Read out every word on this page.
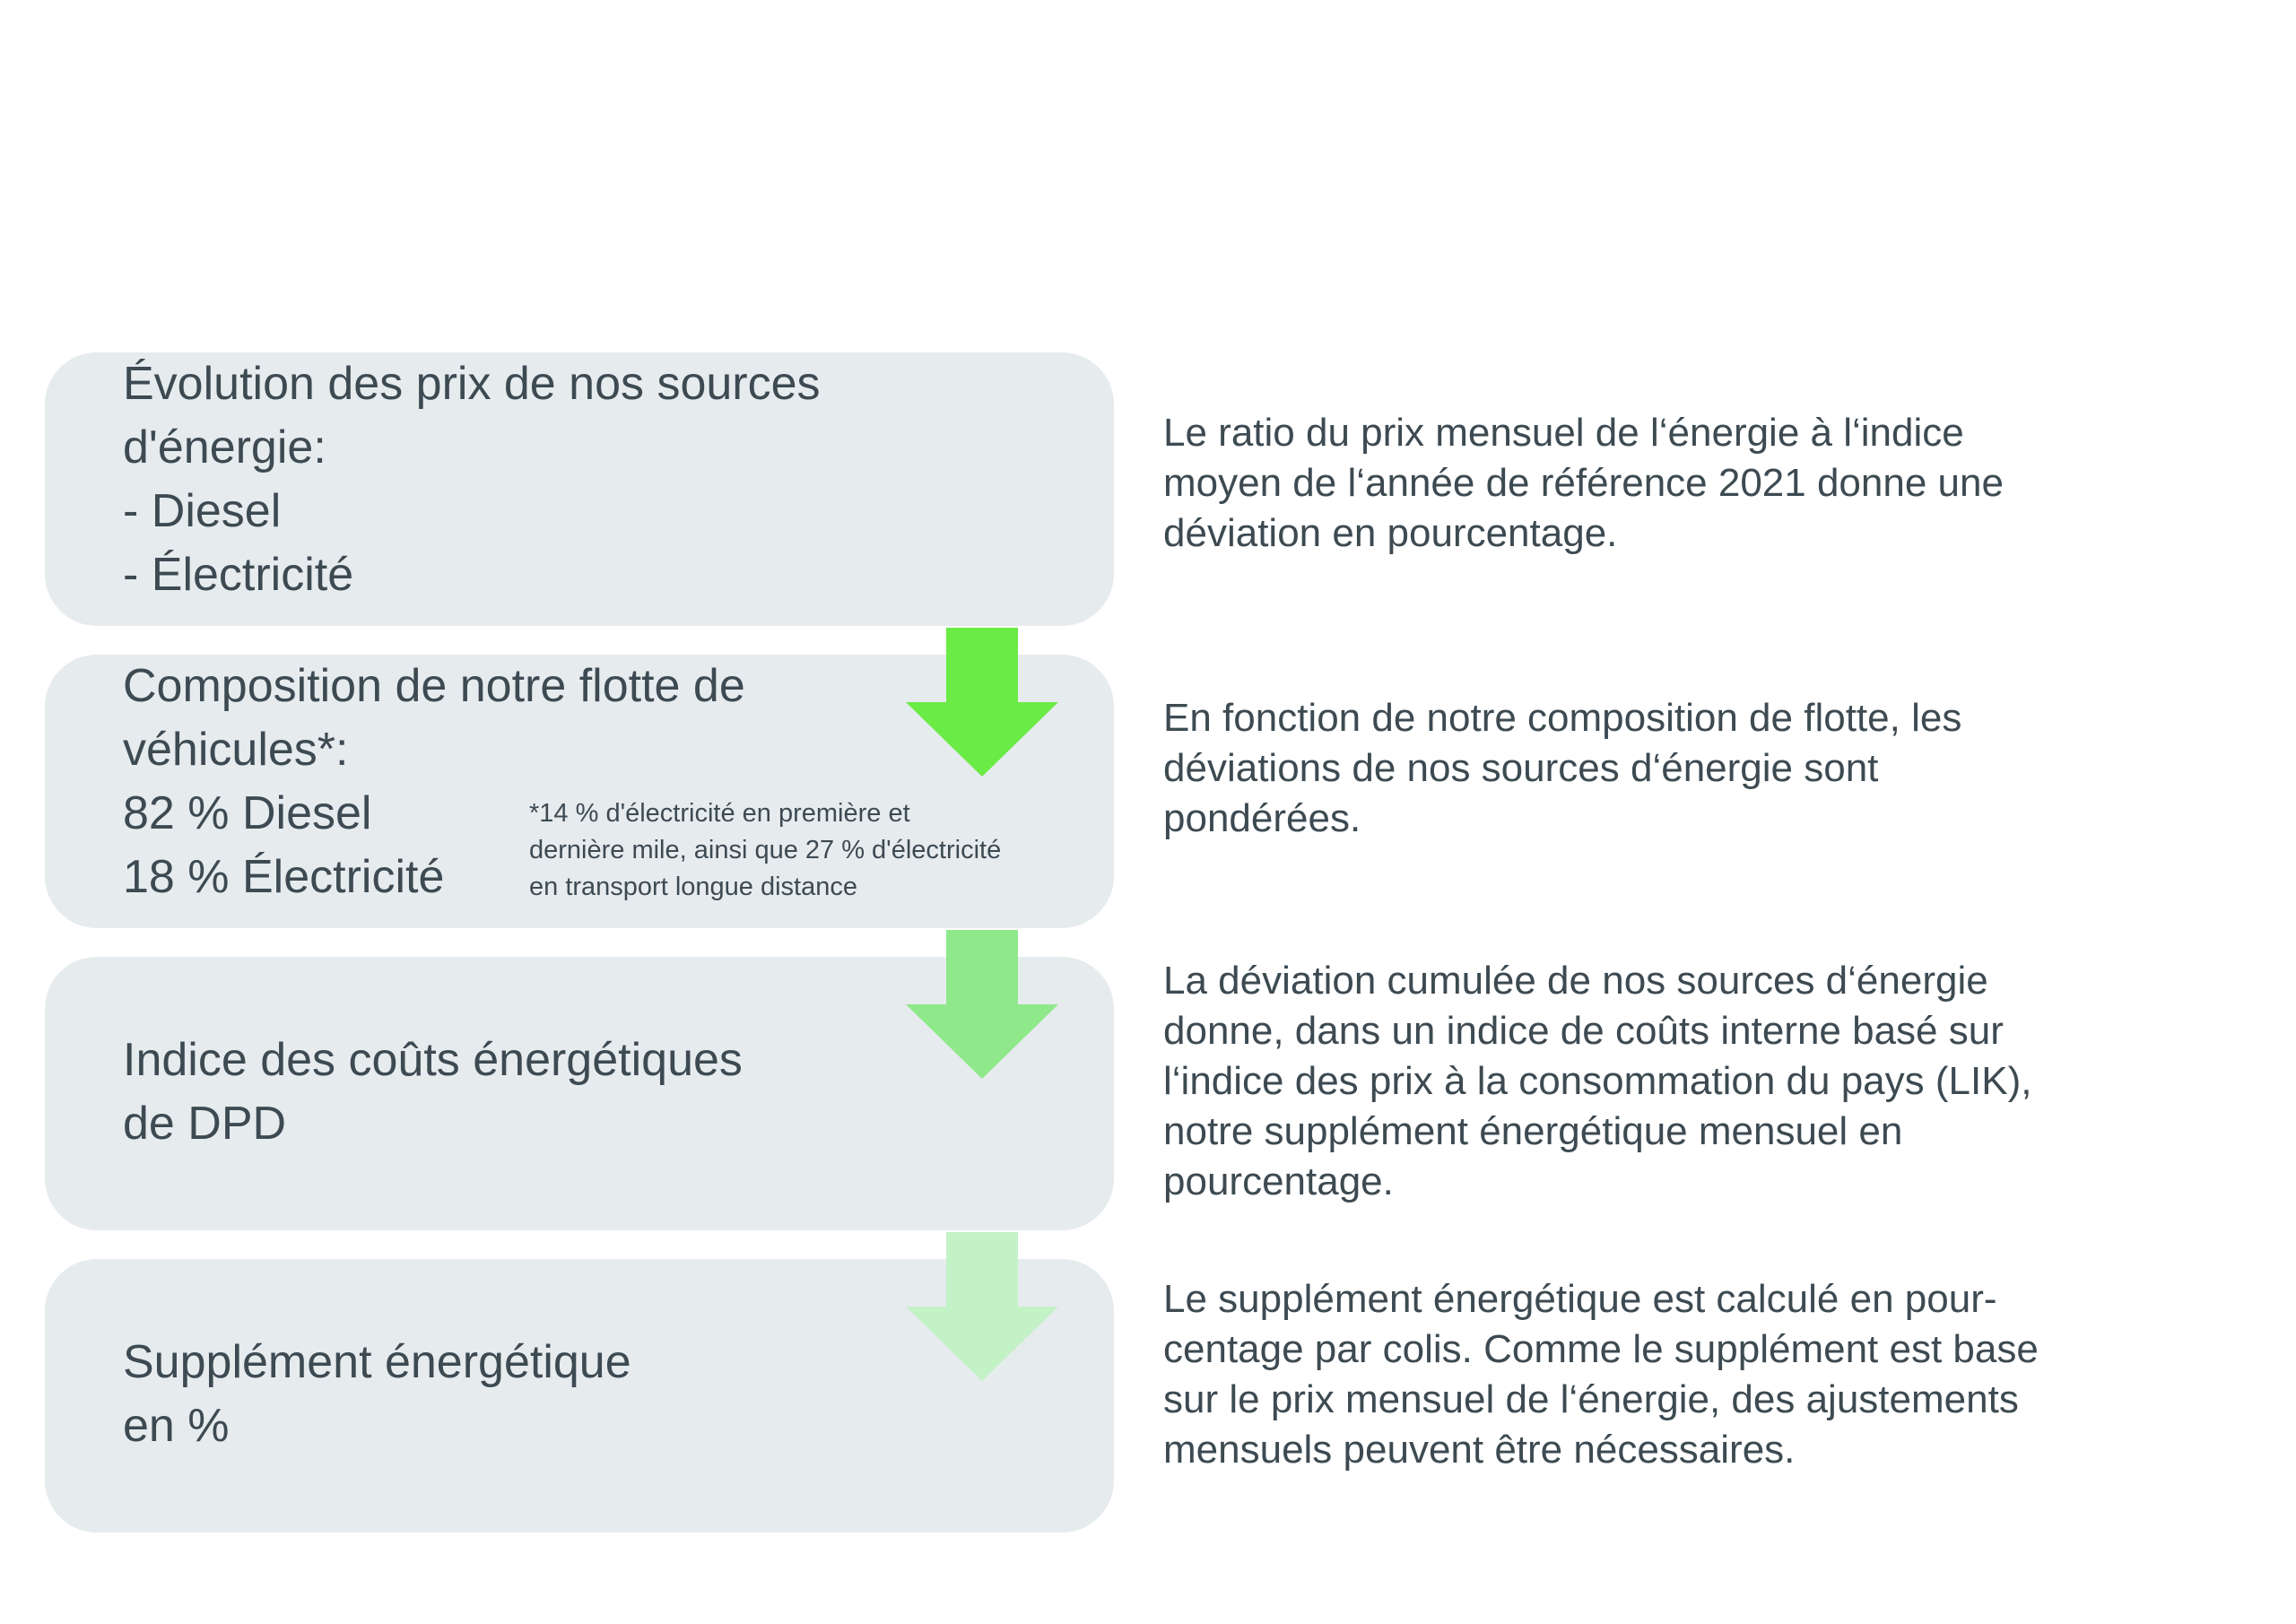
Évolution des prix de nos sources
d'énergie:
- Diesel
- Électricité
Composition de notre flotte de
véhicules*:
82 % Diesel
18 % Électricité
*14 % d'électricité en première et
dernière mile, ainsi que 27 % d'électricité
en transport longue distance
Indice des coûts énergétiques
de DPD
Supplément énergétique
en %
Le ratio du prix mensuel de l‘énergie à l‘indice
moyen de l‘année de référence 2021 donne une
déviation en pourcentage.
En fonction de notre composition de flotte, les
déviations de nos sources d‘énergie sont
pondérées.
La déviation cumulée de nos sources d‘énergie
donne, dans un indice de coûts interne basé sur
l‘indice des prix à la consommation du pays (LIK),
notre supplément énergétique mensuel en
pourcentage.
Le supplément énergétique est calculé en pour-
centage par colis. Comme le supplément est base
sur le prix mensuel de l‘énergie, des ajustements
mensuels peuvent être nécessaires.
